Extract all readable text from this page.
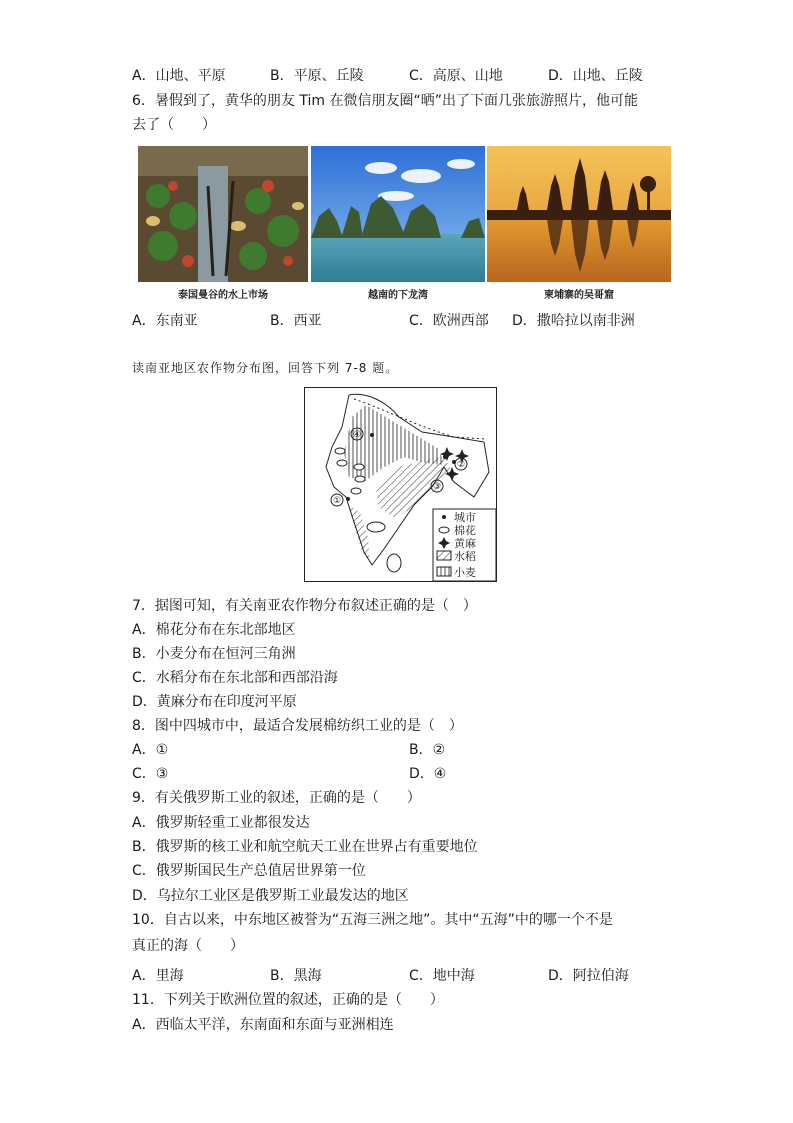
A．山地、平原	B．平原、丘陵	C．高原、山地	D．山地、丘陵
6．暑假到了，黄华的朋友 Tim 在微信朋友圈“晒”出了下面几张旅游照片，他可能
去了（　　）
泰国曼谷的水上市场	越南的下龙湾	柬埔寨的吴哥窟
A．东南亚	B．西亚	C．欧洲西部 D．撒哈拉以南非洲
读南亚地区农作物分布图，回答下列 7-8 题。
④
②
③
①
城市
棉花
黄麻
水稻
小麦
7．据图可知，有关南亚农作物分布叙述正确的是（　）
A．棉花分布在东北部地区
B．小麦分布在恒河三角洲
C．水稻分布在东北部和西部沿海
D．黄麻分布在印度河平原
8．图中四城市中，最适合发展棉纺织工业的是（　）
A．①	B．②
C．③	D．④
9．有关俄罗斯工业的叙述，正确的是（　　）
A．俄罗斯轻重工业都很发达
B．俄罗斯的核工业和航空航天工业在世界占有重要地位
C．俄罗斯国民生产总值居世界第一位
D．乌拉尔工业区是俄罗斯工业最发达的地区
10．自古以来，中东地区被誉为“五海三洲之地”。其中“五海”中的哪一个不是
真正的海（　　）
A．里海	B．黑海	C．地中海	D．阿拉伯海
11．下列关于欧洲位置的叙述，正确的是（　　）
A．西临太平洋，东南面和东面与亚洲相连
